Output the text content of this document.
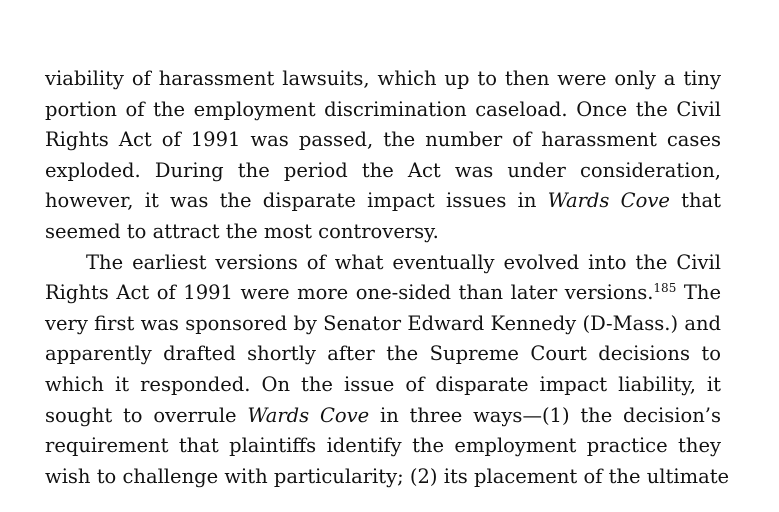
viability of harassment lawsuits, which up to then were only a tiny
portion of the employment discrimination caseload. Once the Civil
Rights Act of 1991 was passed, the number of harassment cases
exploded. During the period the Act was under consideration,
however, it was the disparate impact issues in Wards Cove that
seemed to attract the most controversy.
The earliest versions of what eventually evolved into the Civil
Rights Act of 1991 were more one-sided than later versions.$^{185}$ The
very first was sponsored by Senator Edward Kennedy (D-Mass.) and
apparently drafted shortly after the Supreme Court decisions to
which it responded. On the issue of disparate impact liability, it
sought to overrule Wards Cove in three ways—(1) the decision’s
requirement that plaintiffs identify the employment practice they
wish to challenge with particularity; (2) its placement of the ultimate
